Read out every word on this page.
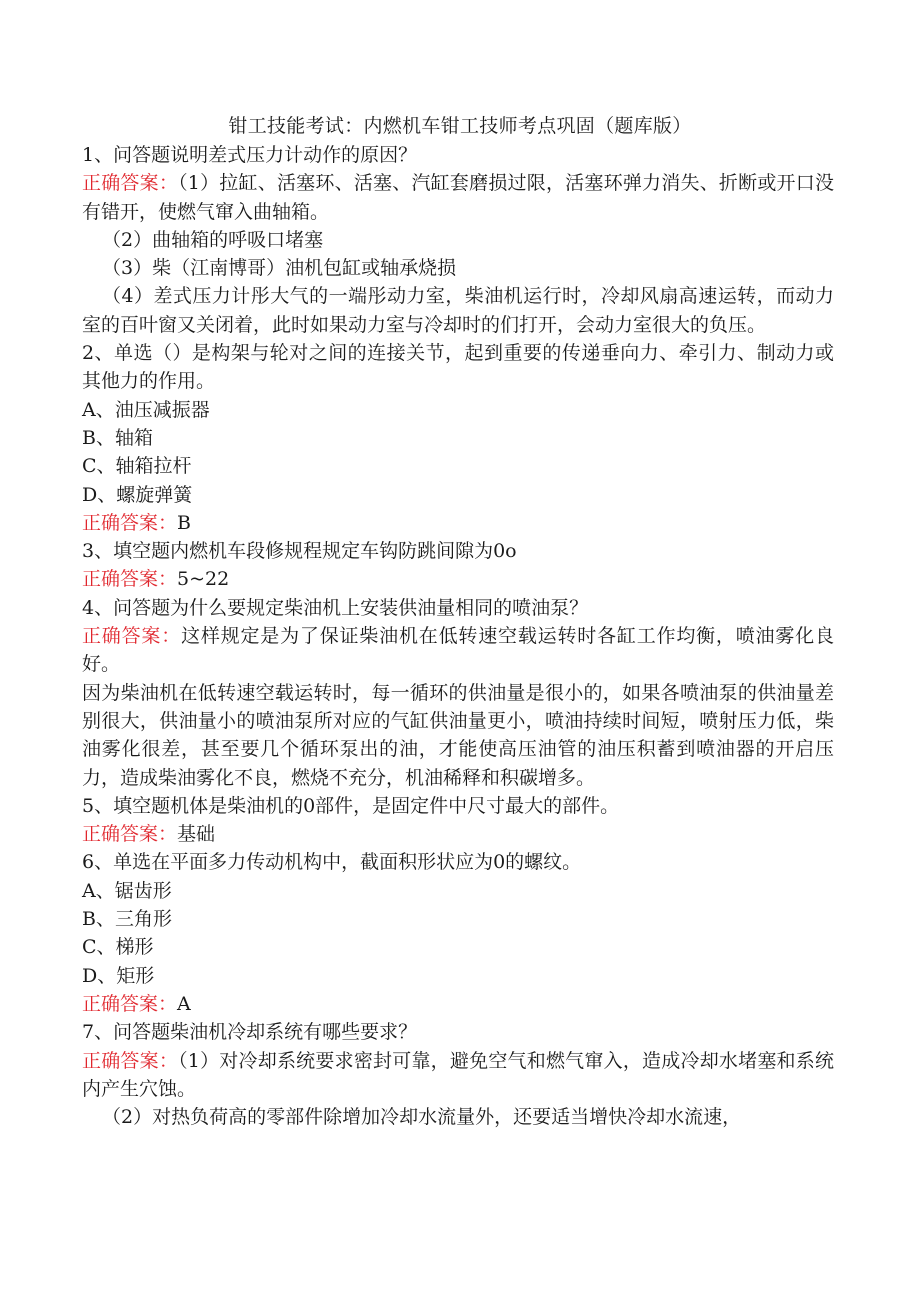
钳工技能考试：内燃机车钳工技师考点巩固（题库版）
1、问答题说明差式压力计动作的原因？
正确答案：（1）拉缸、活塞环、活塞、汽缸套磨损过限，活塞环弹力消失、折断或开口没有错开，使燃气窜入曲轴箱。
（2）曲轴箱的呼吸口堵塞
（3）柴（江南博哥）油机包缸或轴承烧损
（4）差式压力计彤大气的一端彤动力室，柴油机运行时，冷却风扇高速运转，而动力室的百叶窗又关闭着，此时如果动力室与冷却时的们打开，会动力室很大的负压。
2、单选（）是构架与轮对之间的连接关节，起到重要的传递垂向力、牵引力、制动力或其他力的作用。
A、油压减振器
B、轴箱
C、轴箱拉杆
D、螺旋弹簧
正确答案：B
3、填空题内燃机车段修规程规定车钩防跳间隙为0o
正确答案：5~22
4、问答题为什么要规定柴油机上安装供油量相同的喷油泵？
正确答案：这样规定是为了保证柴油机在低转速空载运转时各缸工作均衡，喷油雾化良好。
因为柴油机在低转速空载运转时，每一循环的供油量是很小的，如果各喷油泵的供油量差别很大，供油量小的喷油泵所对应的气缸供油量更小，喷油持续时间短，喷射压力低，柴油雾化很差，甚至要几个循环泵出的油，才能使高压油管的油压积蓄到喷油器的开启压力，造成柴油雾化不良，燃烧不充分，机油稀释和积碳增多。
5、填空题机体是柴油机的0部件，是固定件中尺寸最大的部件。
正确答案：基础
6、单选在平面多力传动机构中，截面积形状应为0的螺纹。
A、锯齿形
B、三角形
C、梯形
D、矩形
正确答案：A
7、问答题柴油机冷却系统有哪些要求？
正确答案：（1）对冷却系统要求密封可靠，避免空气和燃气窜入，造成冷却水堵塞和系统内产生穴蚀。
（2）对热负荷高的零部件除增加冷却水流量外，还要适当增快冷却水流速，
